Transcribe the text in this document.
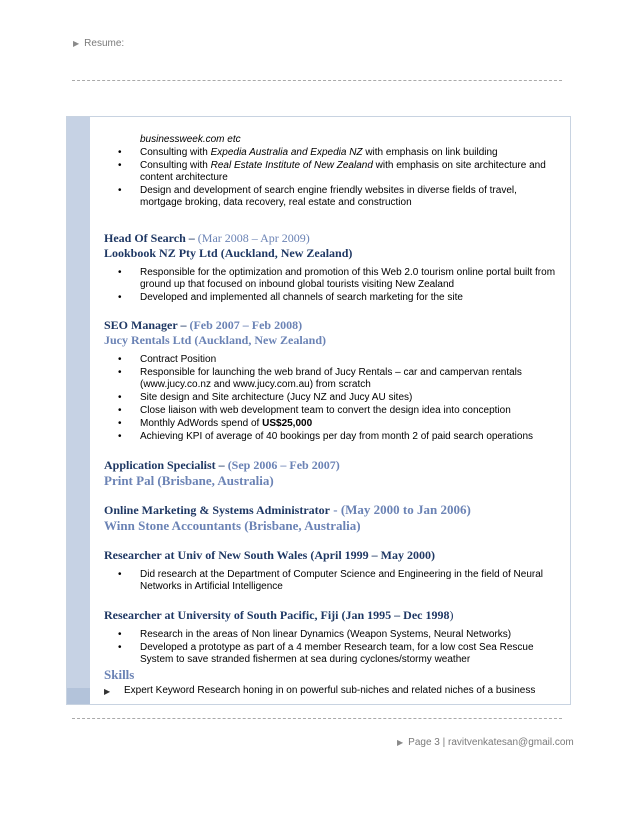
▶ Resume:
businessweek.com etc
• Consulting with Expedia Australia and Expedia NZ with emphasis on link building
• Consulting with Real Estate Institute of New Zealand with emphasis on site architecture and content architecture
• Design and development of search engine friendly websites in diverse fields of travel, mortgage broking, data recovery, real estate and construction
Head Of Search – (Mar 2008 – Apr 2009)
Lookbook NZ Pty Ltd (Auckland, New Zealand)
• Responsible for the optimization and promotion of this Web 2.0 tourism online portal built from ground up that focused on inbound global tourists visiting New Zealand
• Developed and implemented all channels of search marketing for the site
SEO Manager – (Feb 2007 – Feb 2008)
Jucy Rentals Ltd (Auckland, New Zealand)
• Contract Position
• Responsible for launching the web brand of Jucy Rentals – car and campervan rentals (www.jucy.co.nz and www.jucy.com.au) from scratch
• Site design and Site architecture (Jucy NZ and Jucy AU sites)
• Close liaison with web development team to convert the design idea into conception
• Monthly AdWords spend of US$25,000
• Achieving KPI of average of 40 bookings per day from month 2 of paid search operations
Application Specialist – (Sep 2006 – Feb 2007)
Print Pal (Brisbane, Australia)
Online Marketing & Systems Administrator - (May 2000 to Jan 2006)
Winn Stone Accountants (Brisbane, Australia)
Researcher at Univ of New South Wales (April 1999 – May 2000)
• Did research at the Department of Computer Science and Engineering in the field of Neural Networks in Artificial Intelligence
Researcher at University of South Pacific, Fiji (Jan 1995 – Dec 1998)
• Research in the areas of Non linear Dynamics (Weapon Systems, Neural Networks)
• Developed a prototype as part of a 4 member Research team, for a low cost Sea Rescue System to save stranded fishermen at sea during cyclones/stormy weather
Skills
▶ Expert Keyword Research honing in on powerful sub-niches and related niches of a business
▶ Page 3 | ravitvenkatesan@gmail.com
